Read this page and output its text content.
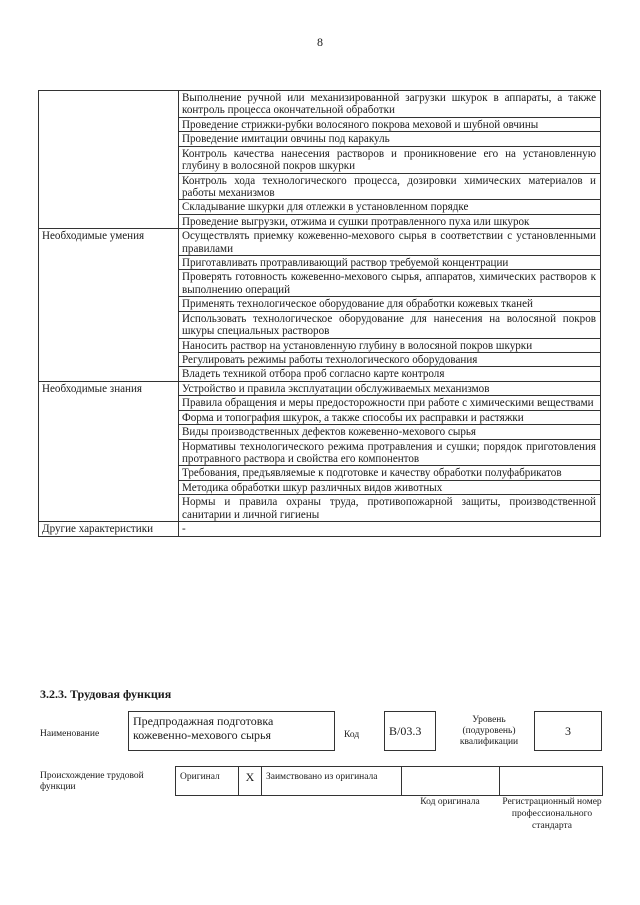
8
	Выполнение ручной или механизированной загрузки шкурок в аппараты, а также контроль процесса окончательной обработки
	Проведение стрижки-рубки волосяного покрова меховой и шубной овчины
	Проведение имитации овчины под каракуль
	Контроль качества нанесения растворов и проникновение его на установленную глубину в волосяной покров шкурки
	Контроль хода технологического процесса, дозировки химических материалов и работы механизмов
	Складывание шкурки для отлежки в установленном порядке
	Проведение выгрузки, отжима и сушки протравленного пуха или шкурок
Необходимые умения	Осуществлять приемку кожевенно-мехового сырья в соответствии с установленными правилами
	Приготавливать протравливающий раствор требуемой концентрации
	Проверять готовность кожевенно-мехового сырья, аппаратов, химических растворов к выполнению операций
	Применять технологическое оборудование для обработки кожевых тканей
	Использовать технологическое оборудование для нанесения на волосяной покров шкуры специальных растворов
	Наносить раствор на установленную глубину в волосяной покров шкурки
	Регулировать режимы работы технологического оборудования
	Владеть техникой отбора проб согласно карте контроля
Необходимые знания	Устройство и правила эксплуатации обслуживаемых механизмов
	Правила обращения и меры предосторожности при работе с химическими веществами
	Форма и топография шкурок, а также способы их расправки и растяжки
	Виды производственных дефектов кожевенно-мехового сырья
	Нормативы технологического режима протравления и сушки; порядок приготовления протравного раствора и свойства его компонентов
	Требования, предъявляемые к подготовке и качеству обработки полуфабрикатов
	Методика обработки шкур различных видов животных
	Нормы и правила охраны труда, противопожарной защиты, производственной санитарии и личной гигиены
Другие характеристики	-
3.2.3. Трудовая функция
Наименование
Предпродажная подготовка кожевенно-мехового сырья	Код B/03.3
Уровень (подуровень) квалификации
3
Происхождение трудовой функции
Оригинал	X	Заимствовано из оригинала		
Код оригинала	Регистрационный номер профессионального стандарта
